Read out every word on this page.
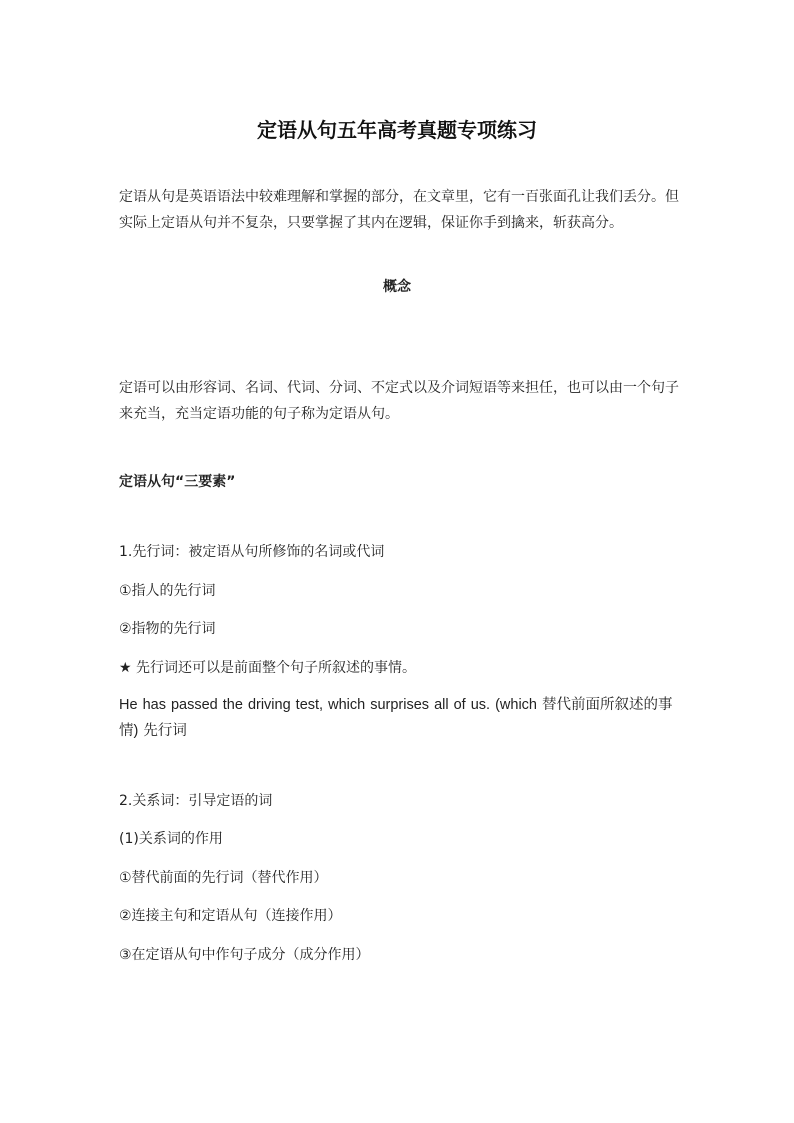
定语从句五年高考真题专项练习
定语从句是英语语法中较难理解和掌握的部分，在文章里，它有一百张面孔让我们丢分。但实际上定语从句并不复杂，只要掌握了其内在逻辑，保证你手到擒来，斩获高分。
概念
定语可以由形容词、名词、代词、分词、不定式以及介词短语等来担任，也可以由一个句子来充当，充当定语功能的句子称为定语从句。
定语从句“三要素”
1.先行词：被定语从句所修饰的名词或代词
①指人的先行词
②指物的先行词
★ 先行词还可以是前面整个句子所叙述的事情。
He has passed the driving test, which surprises all of us. (which 替代前面所叙述的事情) 先行词
2.关系词：引导定语的词
(1)关系词的作用
①替代前面的先行词（替代作用）
②连接主句和定语从句（连接作用）
③在定语从句中作句子成分（成分作用）
